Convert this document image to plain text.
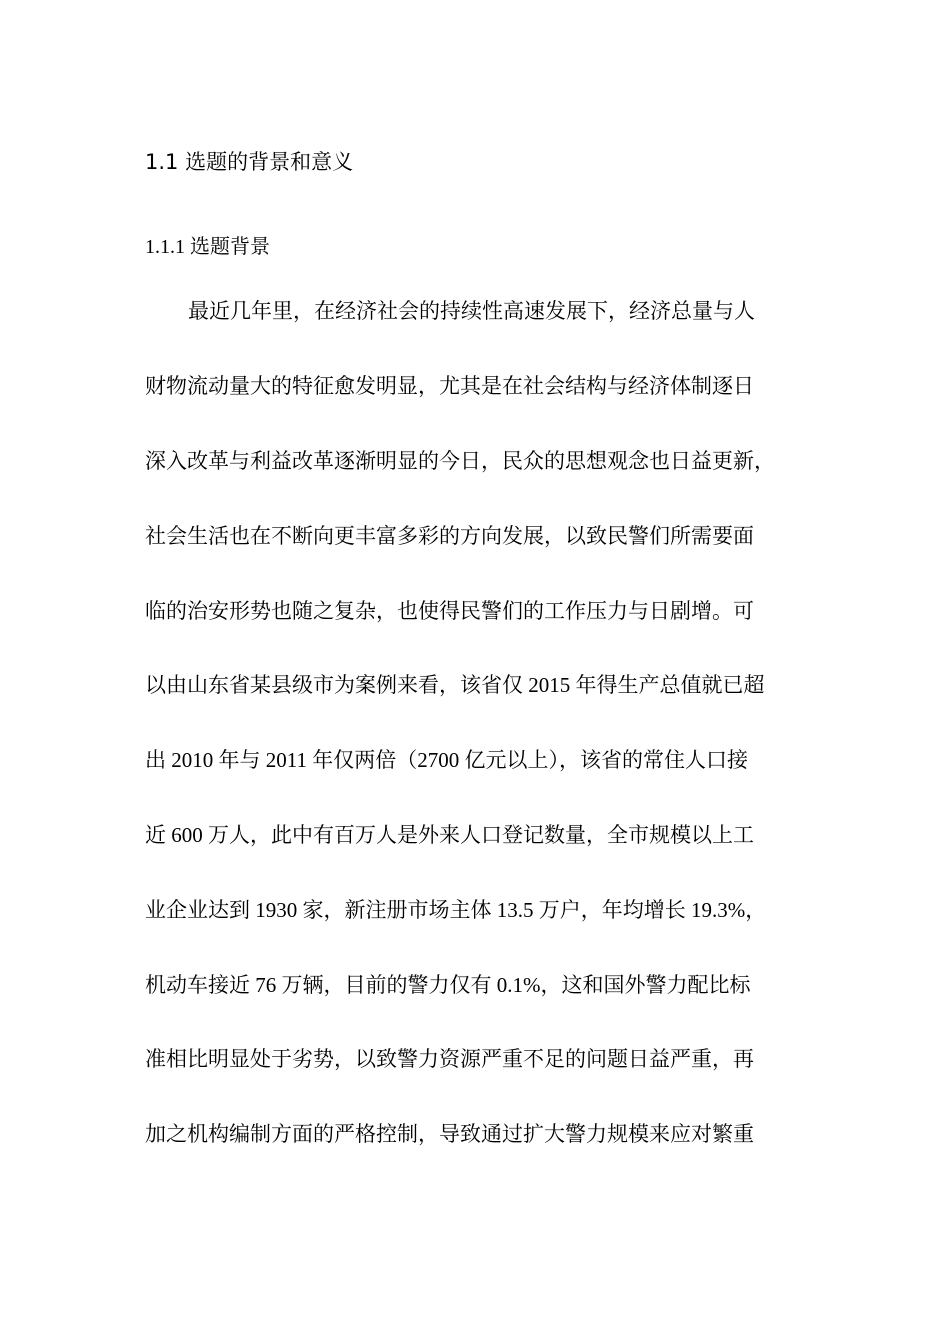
1.1 选题的背景和意义
1.1.1 选题背景
最近几年里，在经济社会的持续性高速发展下，经济总量与人
财物流动量大的特征愈发明显，尤其是在社会结构与经济体制逐日
深入改革与利益改革逐渐明显的今日，民众的思想观念也日益更新，
社会生活也在不断向更丰富多彩的方向发展，以致民警们所需要面
临的治安形势也随之复杂，也使得民警们的工作压力与日剧增。可
以由山东省某县级市为案例来看，该省仅 2015 年得生产总值就已超
出 2010 年与 2011 年仅两倍（2700 亿元以上），该省的常住人口接
近 600 万人，此中有百万人是外来人口登记数量，全市规模以上工
业企业达到 1930 家，新注册市场主体 13.5 万户，年均增长 19.3%，
机动车接近 76 万辆，目前的警力仅有 0.1%，这和国外警力配比标
准相比明显处于劣势，以致警力资源严重不足的问题日益严重，再
加之机构编制方面的严格控制，导致通过扩大警力规模来应对繁重
